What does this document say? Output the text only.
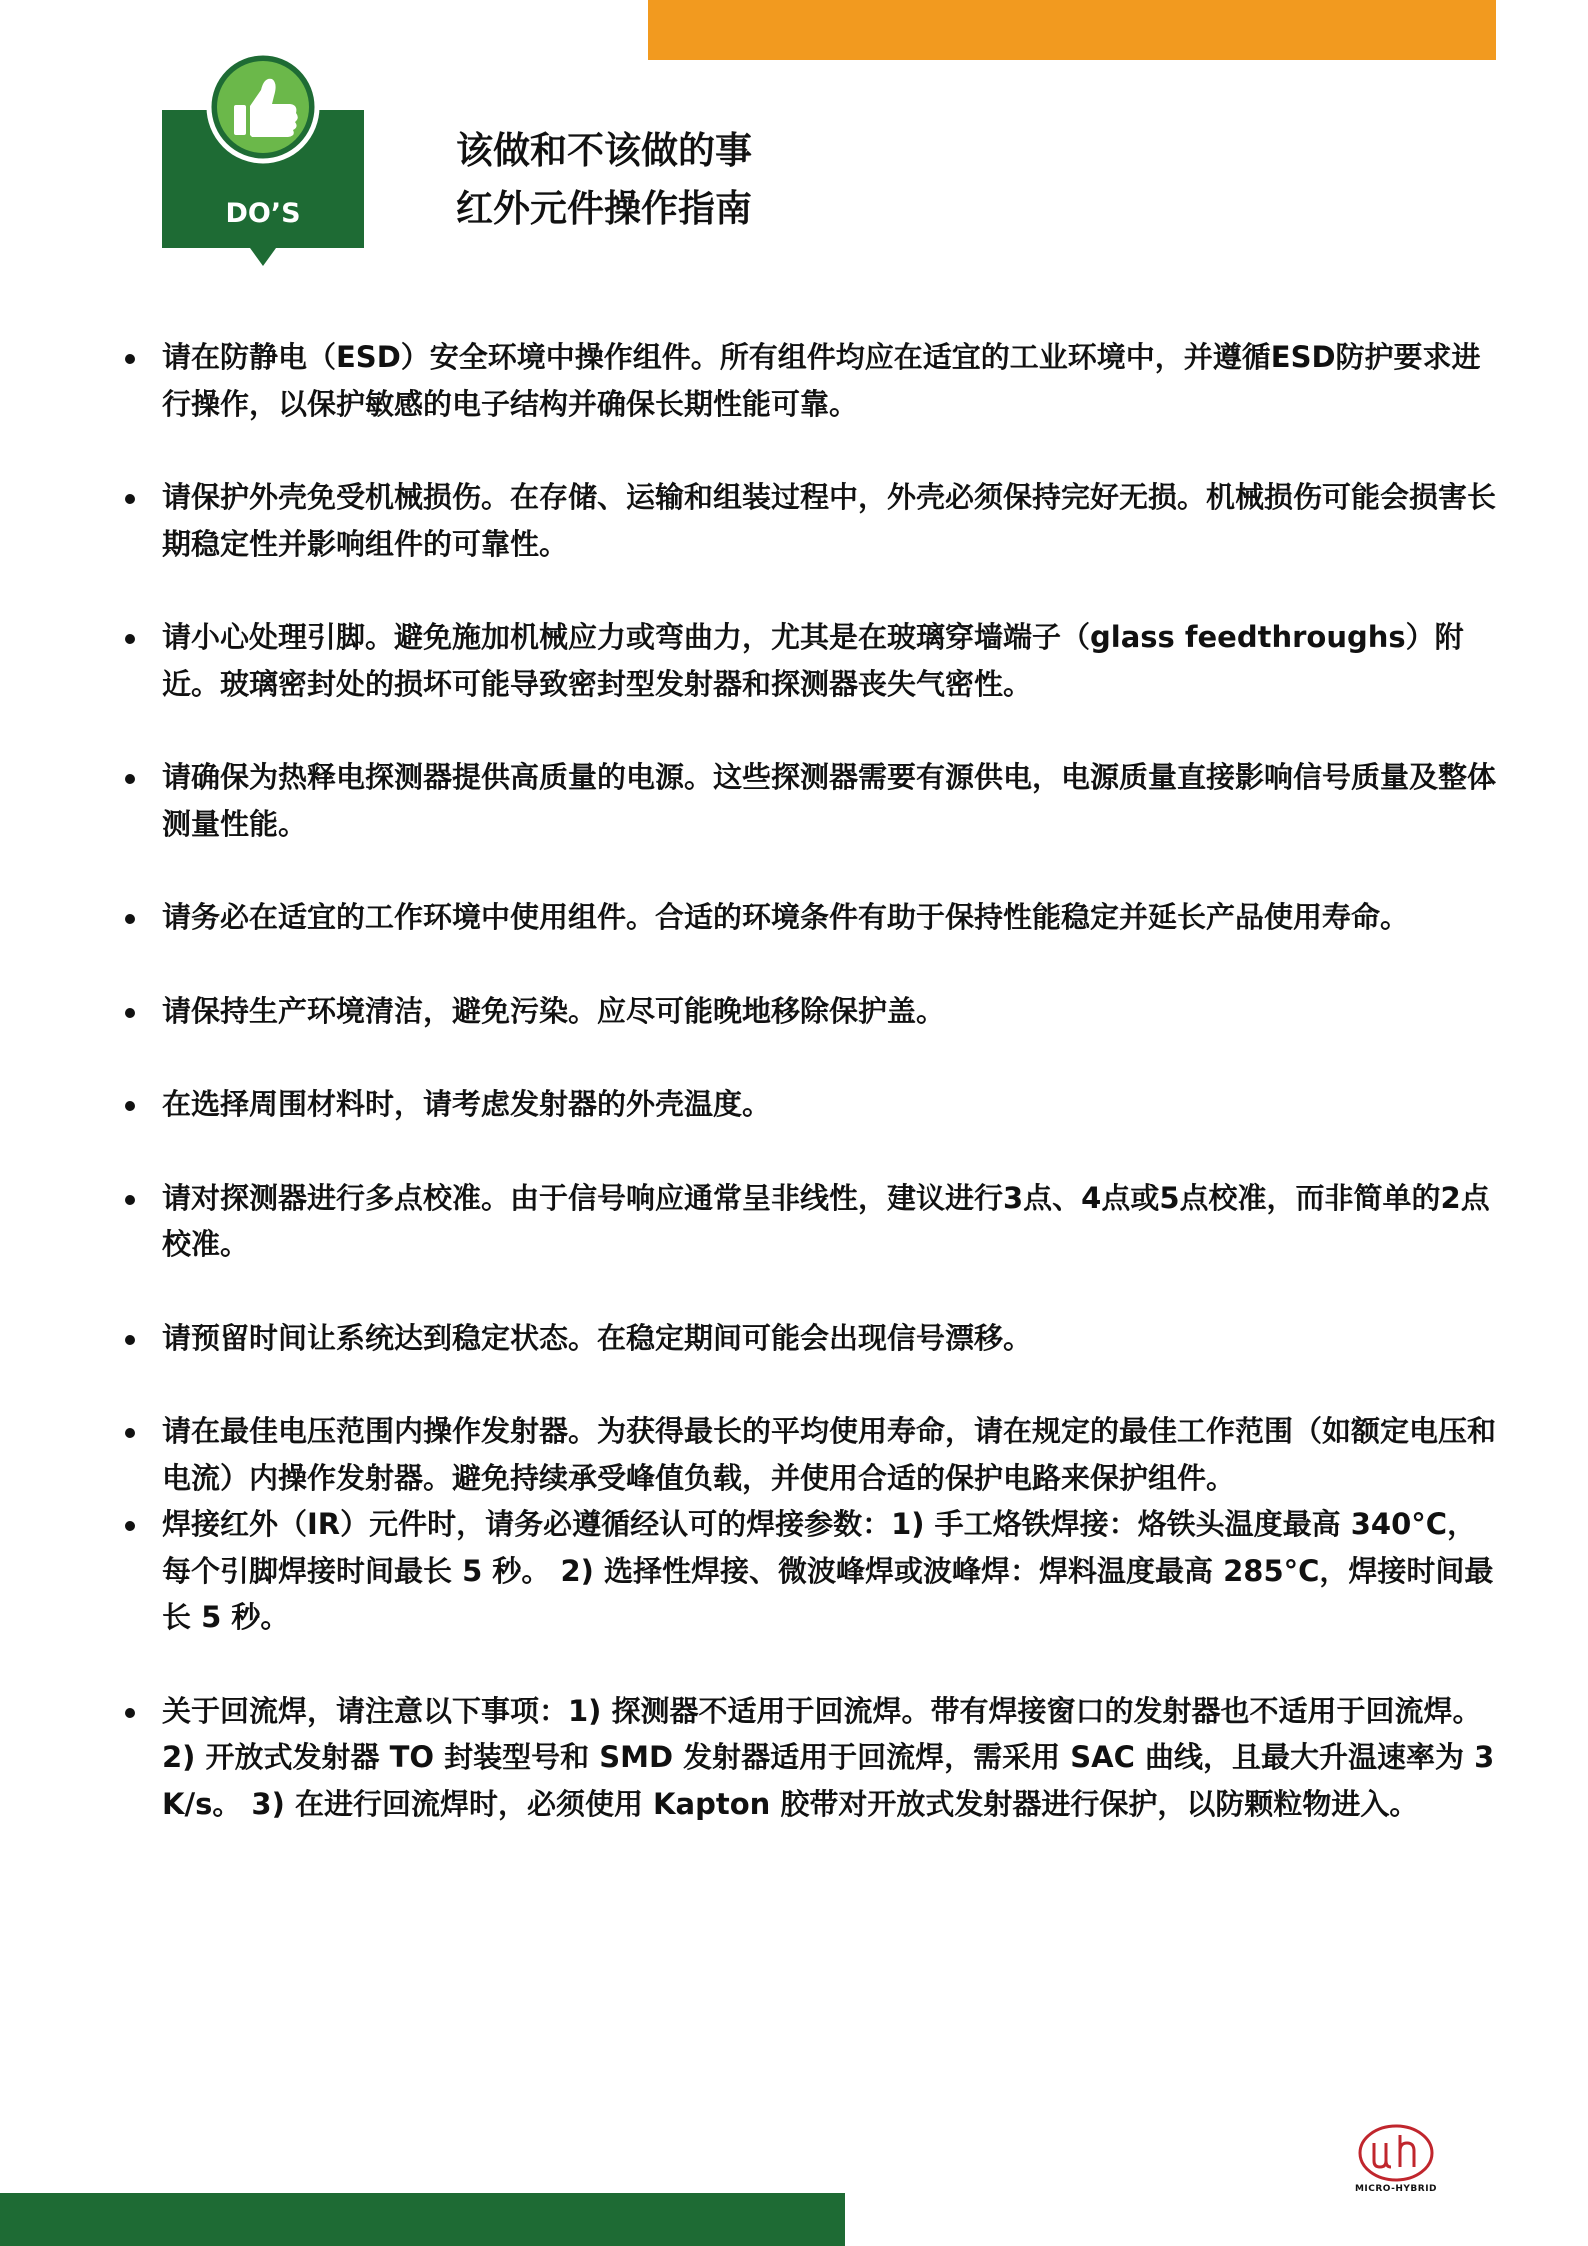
DO’S
该做和不该做的事
红外元件操作指南
请在防静电（ESD）安全环境中操作组件。所有组件均应在适宜的工业环境中，并遵循ESD防护要求进行操作，以保护敏感的电子结构并确保长期性能可靠。
请保护外壳免受机械损伤。在存储、运输和组装过程中，外壳必须保持完好无损。机械损伤可能会损害长期稳定性并影响组件的可靠性。
请小心处理引脚。避免施加机械应力或弯曲力，尤其是在玻璃穿墙端子（glass feedthroughs）附近。玻璃密封处的损坏可能导致密封型发射器和探测器丧失气密性。
请确保为热释电探测器提供高质量的电源。这些探测器需要有源供电，电源质量直接影响信号质量及整体测量性能。
请务必在适宜的工作环境中使用组件。合适的环境条件有助于保持性能稳定并延长产品使用寿命。
请保持生产环境清洁，避免污染。应尽可能晚地移除保护盖。
在选择周围材料时，请考虑发射器的外壳温度。
请对探测器进行多点校准。由于信号响应通常呈非线性，建议进行3点、4点或5点校准，而非简单的2点校准。
请预留时间让系统达到稳定状态。在稳定期间可能会出现信号漂移。
请在最佳电压范围内操作发射器。为获得最长的平均使用寿命，请在规定的最佳工作范围（如额定电压和电流）内操作发射器。避免持续承受峰值负载，并使用合适的保护电路来保护组件。
焊接红外（IR）元件时，请务必遵循经认可的焊接参数：1) 手工烙铁焊接：烙铁头温度最高 340°C，每个引脚焊接时间最长 5 秒。 2) 选择性焊接、微波峰焊或波峰焊：焊料温度最高 285°C，焊接时间最长 5 秒。
关于回流焊，请注意以下事项：1) 探测器不适用于回流焊。带有焊接窗口的发射器也不适用于回流焊。 2) 开放式发射器 TO 封装型号和 SMD 发射器适用于回流焊，需采用 SAC 曲线，且最大升温速率为 3 K/s。 3) 在进行回流焊时，必须使用 Kapton 胶带对开放式发射器进行保护，以防颗粒物进入。
MICRO-HYBRID
